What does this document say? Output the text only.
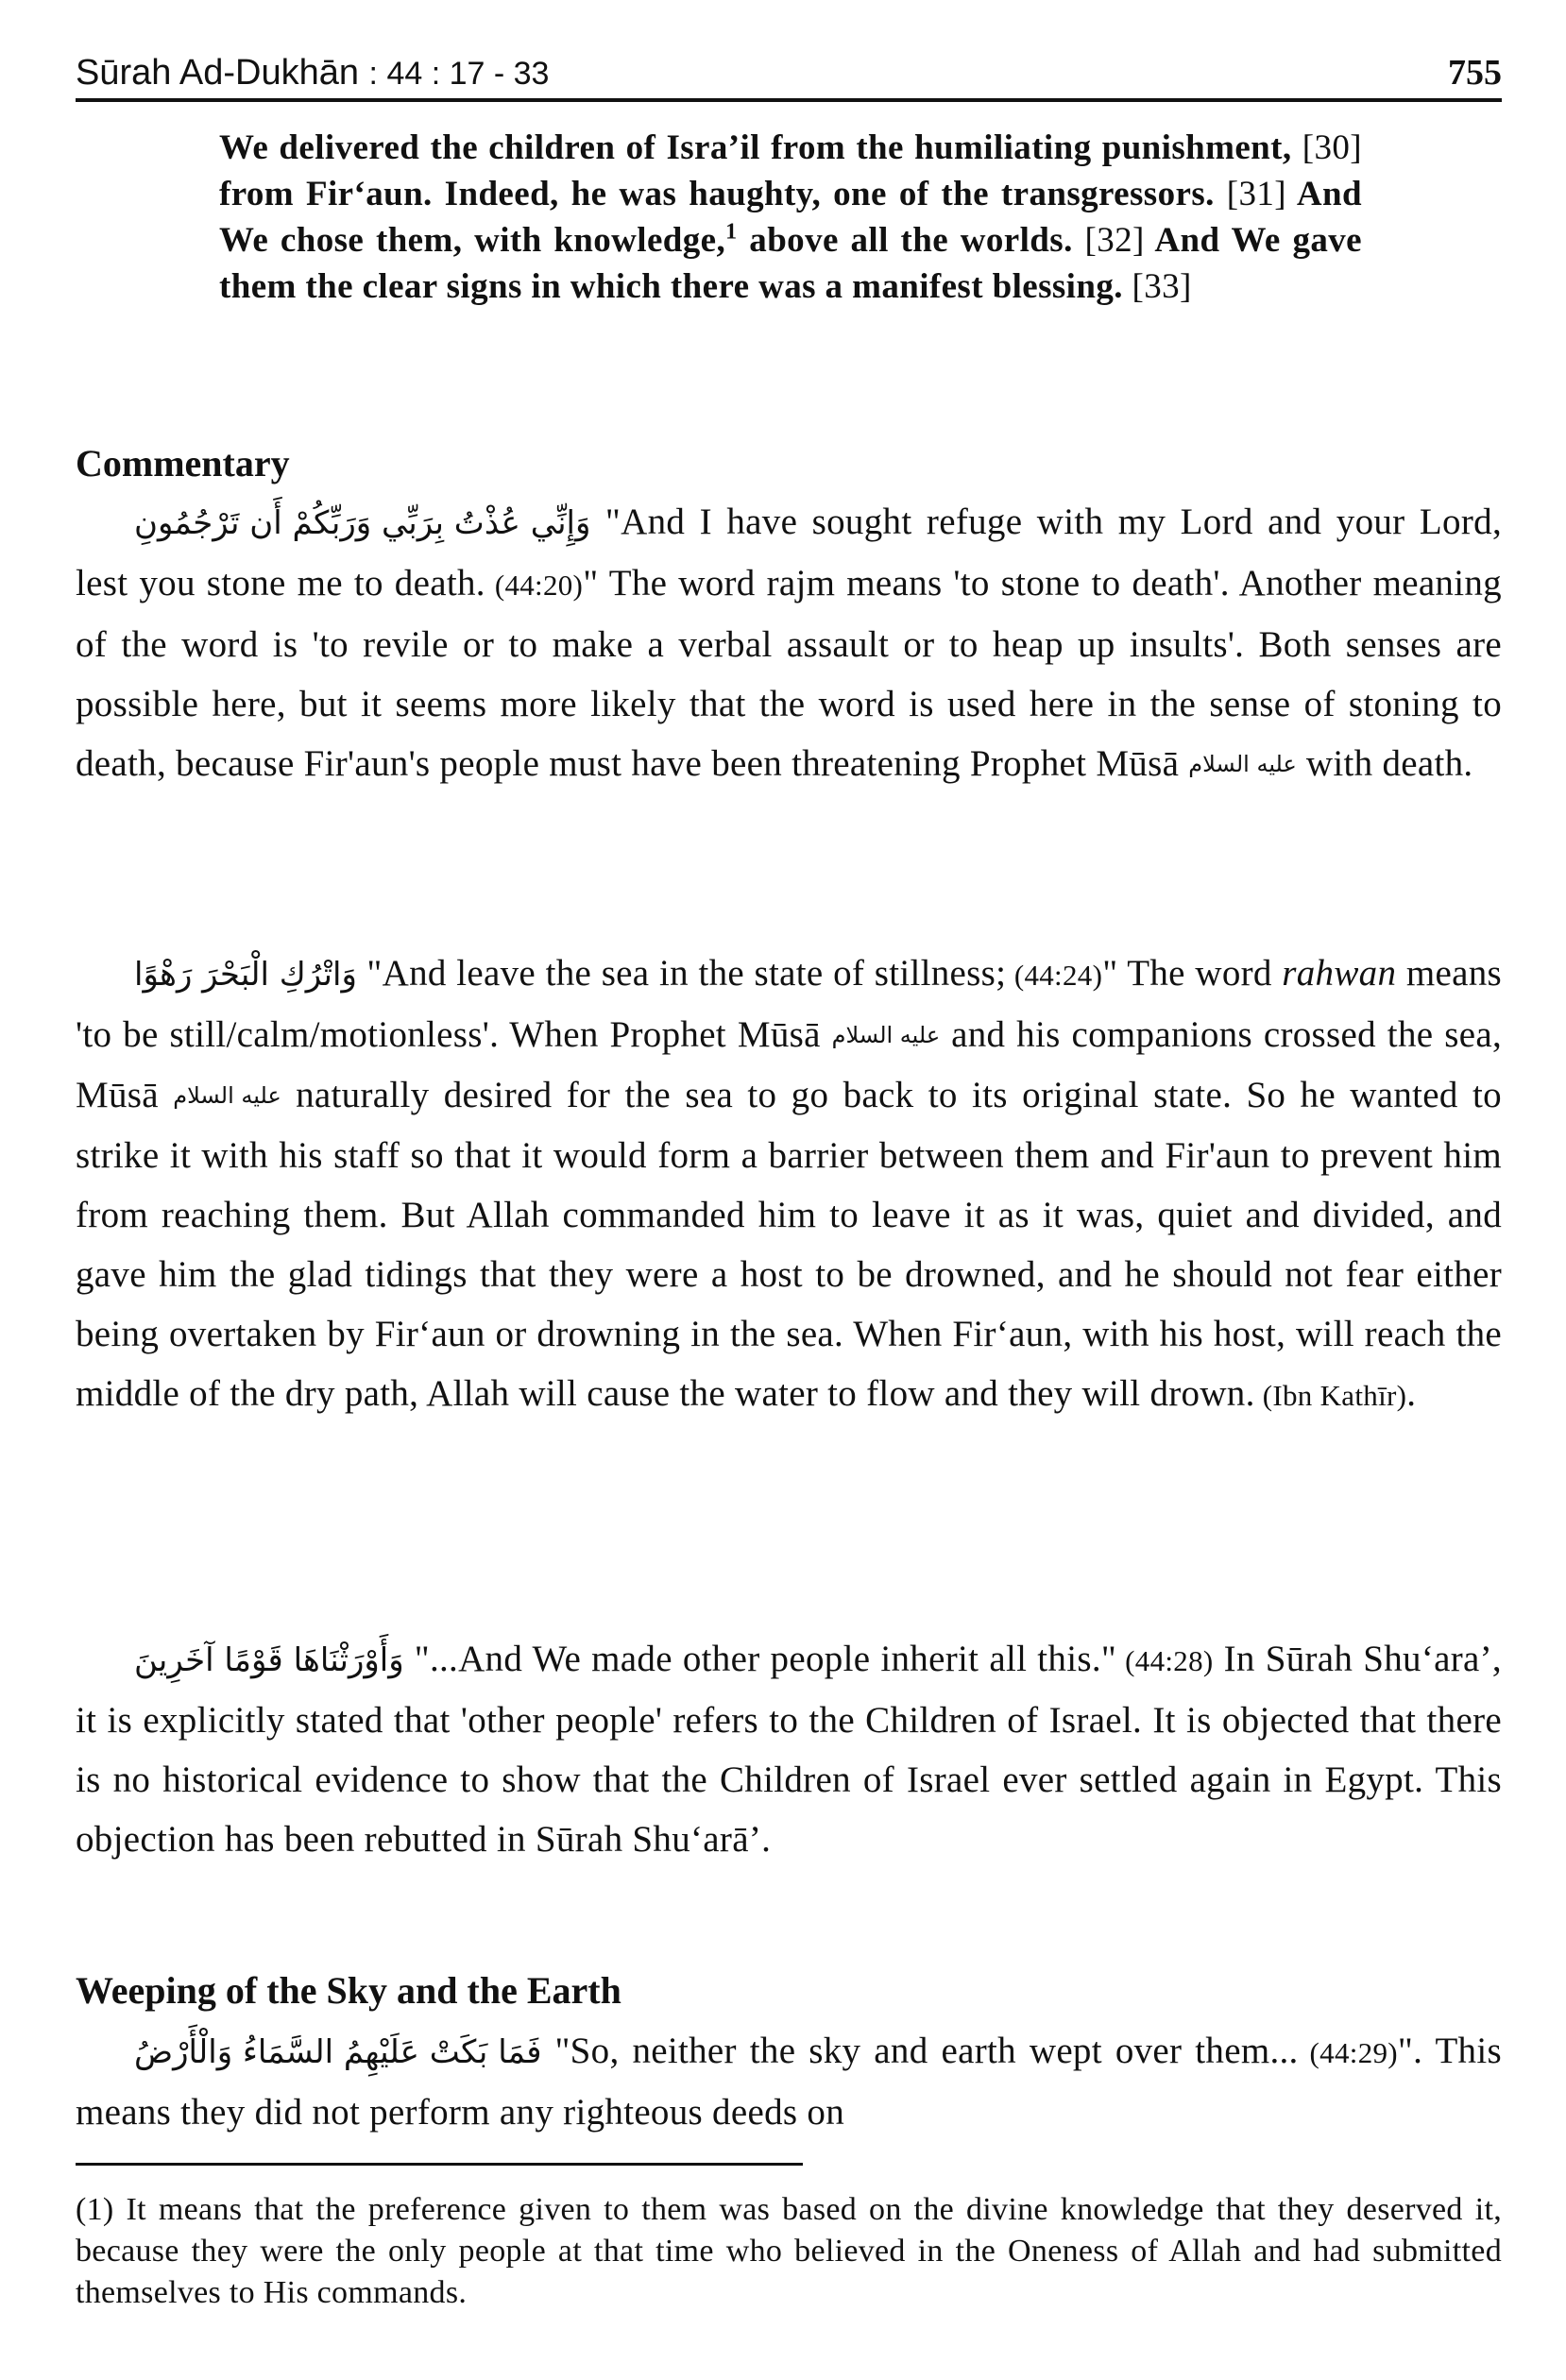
Sūrah Ad-Dukhān : 44 : 17 - 33	755
We delivered the children of Isra’il from the humiliating punishment, [30] from Fir‘aun. Indeed, he was haughty, one of the transgressors. [31] And We chose them, with knowledge,$^1$ above all the worlds. [32] And We gave them the clear signs in which there was a manifest blessing. [33]
Commentary
وَإِنِّي عُذْتُ بِرَبِّي وَرَبِّكُمْ أَن تَرْجُمُونِ "And I have sought refuge with my Lord and your Lord, lest you stone me to death. (44:20)" The word rajm means 'to stone to death'. Another meaning of the word is 'to revile or to make a verbal assault or to heap up insults'. Both senses are possible here, but it seems more likely that the word is used here in the sense of stoning to death, because Fir'aun's people must have been threatening Prophet Mūsā عليه السلام with death.
وَاتْرُكِ الْبَحْرَ رَهْوًا "And leave the sea in the state of stillness; (44:24)" The word rahwan means 'to be still/calm/motionless'. When Prophet Mūsā عليه السلام and his companions crossed the sea, Mūsā عليه السلام naturally desired for the sea to go back to its original state. So he wanted to strike it with his staff so that it would form a barrier between them and Fir'aun to prevent him from reaching them. But Allah commanded him to leave it as it was, quiet and divided, and gave him the glad tidings that they were a host to be drowned, and he should not fear either being overtaken by Fir‘aun or drowning in the sea. When Fir‘aun, with his host, will reach the middle of the dry path, Allah will cause the water to flow and they will drown. (Ibn Kathīr).
وَأَوْرَثْنَاهَا قَوْمًا آخَرِينَ "...And We made other people inherit all this." (44:28) In Sūrah Shu‘ara’, it is explicitly stated that 'other people' refers to the Children of Israel. It is objected that there is no historical evidence to show that the Children of Israel ever settled again in Egypt. This objection has been rebutted in Sūrah Shu‘arā’.
Weeping of the Sky and the Earth
فَمَا بَكَتْ عَلَيْهِمُ السَّمَاءُ وَالْأَرْضُ "So, neither the sky and earth wept over them... (44:29)". This means they did not perform any righteous deeds on
(1) It means that the preference given to them was based on the divine knowledge that they deserved it, because they were the only people at that time who believed in the Oneness of Allah and had submitted themselves to His commands.
